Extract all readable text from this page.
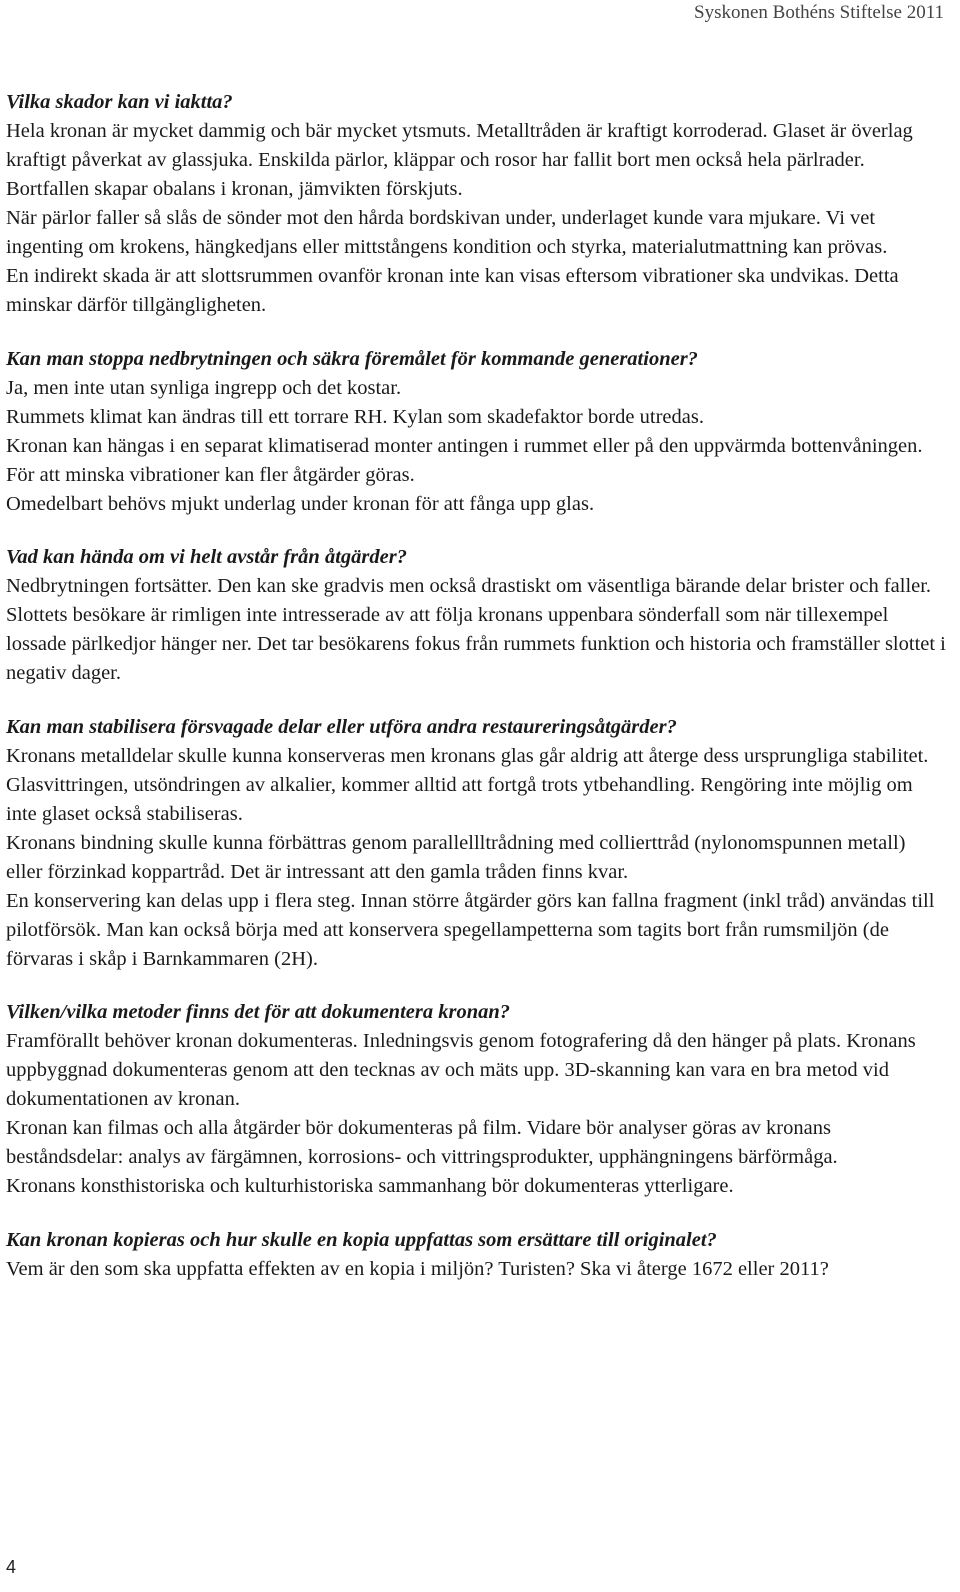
Syskonen Bothéns Stiftelse 2011

Vilka skador kan vi iaktta?

Hela kronan är mycket dammig och bär mycket ytsmuts. Metalltråden är kraftigt korroderad. Glaset är överlag kraftigt påverkat av glassjuka. Enskilda pärlor, kläppar och rosor har fallit bort men också hela pärlrader. Bortfallen skapar obalans i kronan, jämvikten förskjuts.

När pärlor faller så slås de sönder mot den hårda bordskivan under, underlaget kunde vara mjukare. Vi vet ingenting om krokens, hängkedjans eller mittstångens kondition och styrka, materialutmattning kan prövas.

En indirekt skada är att slottsrummen ovanför kronan inte kan visas eftersom vibrationer ska undvikas. Detta minskar därför tillgängligheten.

Kan man stoppa nedbrytningen och säkra föremålet för kommande generationer?

Ja, men inte utan synliga ingrepp och det kostar.

Rummets klimat kan ändras till ett torrare RH. Kylan som skadefaktor borde utredas.

Kronan kan hängas i en separat klimatiserad monter antingen i rummet eller på den uppvärmda bottenvåningen.

För att minska vibrationer kan fler åtgärder göras.

Omedelbart behövs mjukt underlag under kronan för att fånga upp glas.

Vad kan hända om vi helt avstår från åtgärder?

Nedbrytningen fortsätter. Den kan ske gradvis men också drastiskt om väsentliga bärande delar brister och faller.

Slottets besökare är rimligen inte intresserade av att följa kronans uppenbara sönderfall som när tillexempel lossade pärlkedjor hänger ner. Det tar besökarens fokus från rummets funktion och historia och framställer slottet i negativ dager.

Kan man stabilisera försvagade delar eller utföra andra restaureringsåtgärder?

Kronans metalldelar skulle kunna konserveras men kronans glas går aldrig att återge dess ursprungliga stabilitet. Glasvittringen, utsöndringen av alkalier, kommer alltid att fortgå trots ytbehandling. Rengöring inte möjlig om inte glaset också stabiliseras.

Kronans bindning skulle kunna förbättras genom parallellltrådning med collierttråd (nylonomspunnen metall) eller förzinkad koppartråd. Det är intressant att den gamla tråden finns kvar.

En konservering kan delas upp i flera steg. Innan större åtgärder görs kan fallna fragment (inkl tråd) användas till pilotförsök. Man kan också börja med att konservera spegellampetterna som tagits bort från rumsmiljön (de förvaras i skåp i Barnkammaren (2H).

Vilken/vilka metoder finns det för att dokumentera kronan?

Framförallt behöver kronan dokumenteras. Inledningsvis genom fotografering då den hänger på plats. Kronans uppbyggnad dokumenteras genom att den tecknas av och mäts upp. 3D-skanning kan vara en bra metod vid dokumentationen av kronan.

Kronan kan filmas och alla åtgärder bör dokumenteras på film. Vidare bör analyser göras av kronans beståndsdelar: analys av färgämnen, korrosions- och vittringsprodukter, upphängningens bärförmåga.

Kronans konsthistoriska och kulturhistoriska sammanhang bör dokumenteras ytterligare.

Kan kronan kopieras och hur skulle en kopia uppfattas som ersättare till originalet?

Vem är den som ska uppfatta effekten av en kopia i miljön? Turisten? Ska vi återge 1672 eller 2011?

4
